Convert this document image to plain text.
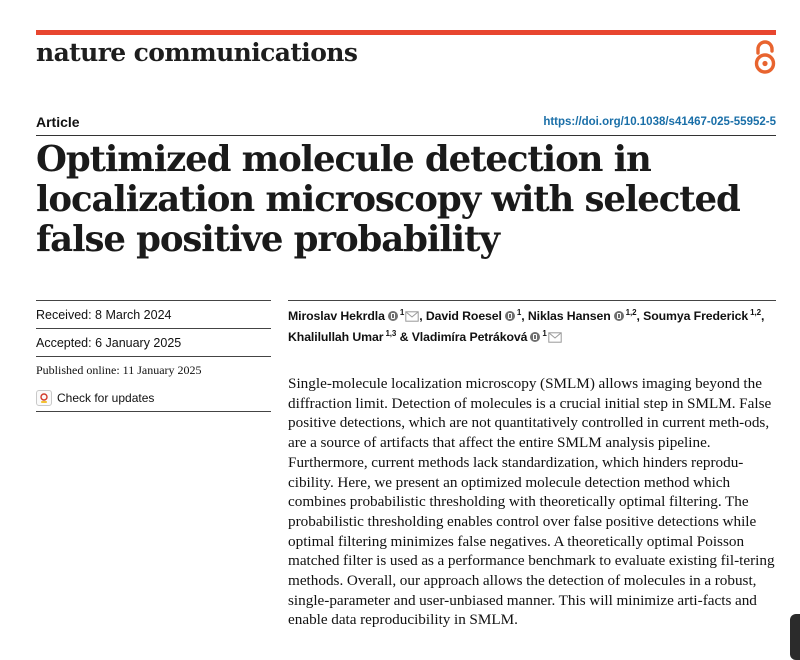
nature communications
Article	https://doi.org/10.1038/s41467-025-55952-5
Optimized molecule detection in localization microscopy with selected false positive probability
Received: 8 March 2024
Accepted: 6 January 2025
Published online: 11 January 2025
Check for updates
Miroslav Hekrdla $^1$ , David Roesel $^1$, Niklas Hansen $^{1,2}$, Soumya Frederick $^{1,2}$, Khalilullah Umar $^{1,3}$ & Vladimíra Petráková $^1$

Single-molecule localization microscopy (SMLM) allows imaging beyond the diffraction limit. Detection of molecules is a crucial initial step in SMLM. False positive detections, which are not quantitatively controlled in current meth-ods, are a source of artifacts that affect the entire SMLM analysis pipeline. Furthermore, current methods lack standardization, which hinders reprodu-cibility. Here, we present an optimized molecule detection method which combines probabilistic thresholding with theoretically optimal filtering. The probabilistic thresholding enables control over false positive detections while optimal filtering minimizes false negatives. A theoretically optimal Poisson matched filter is used as a performance benchmark to evaluate existing fil-tering methods. Overall, our approach allows the detection of molecules in a robust, single-parameter and user-unbiased manner. This will minimize arti-facts and enable data reproducibility in SMLM.
